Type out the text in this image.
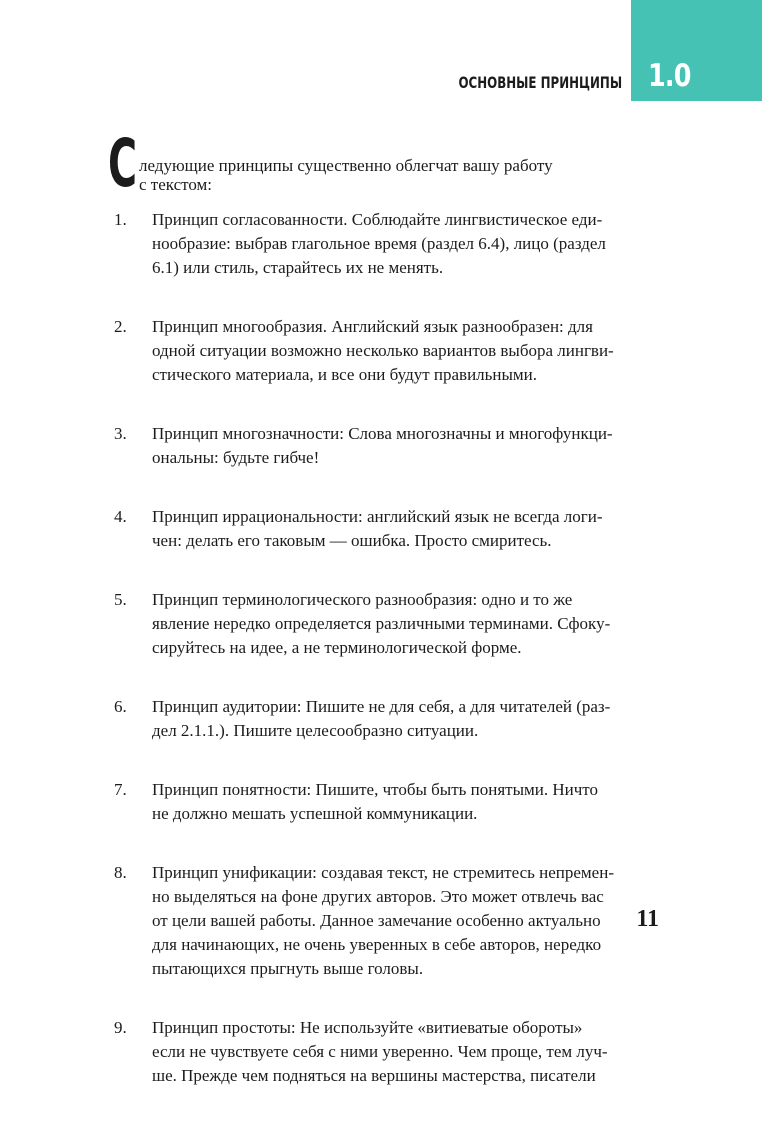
1.0
ОСНОВНЫЕ ПРИНЦИПЫ
С ледующие принципы существенно облегчат вашу работу
с текстом:
1. Принцип согласованности. Соблюдайте лингвистическое еди-
нообразие: выбрав глагольное время (раздел 6.4), лицо (раздел
6.1) или стиль, старайтесь их не менять.
2. Принцип многообразия. Английский язык разнообразен: для
одной ситуации возможно несколько вариантов выбора лингви-
стического материала, и все они будут правильными.
3. Принцип многозначности: Слова многозначны и многофункци-
ональны: будьте гибче!
4. Принцип иррациональности: английский язык не всегда логи-
чен: делать его таковым — ошибка. Просто смиритесь.
5. Принцип терминологического разнообразия: одно и то же
явление нередко определяется различными терминами. Сфоку-
сируйтесь на идее, а не терминологической форме.
6. Принцип аудитории: Пишите не для себя, а для читателей (раз-
дел 2.1.1.). Пишите целесообразно ситуации.
7. Принцип понятности: Пишите, чтобы быть понятыми. Ничто
не должно мешать успешной коммуникации.
8. Принцип унификации: создавая текст, не стремитесь непремен-
но выделяться на фоне других авторов. Это может отвлечь вас
от цели вашей работы. Данное замечание особенно актуально
для начинающих, не очень уверенных в себе авторов, нередко
пытающихся прыгнуть выше головы.
9. Принцип простоты: Не используйте «витиеватые обороты»
если не чувствуете себя с ними уверенно. Чем проще, тем луч-
ше. Прежде чем подняться на вершины мастерства, писатели
11
